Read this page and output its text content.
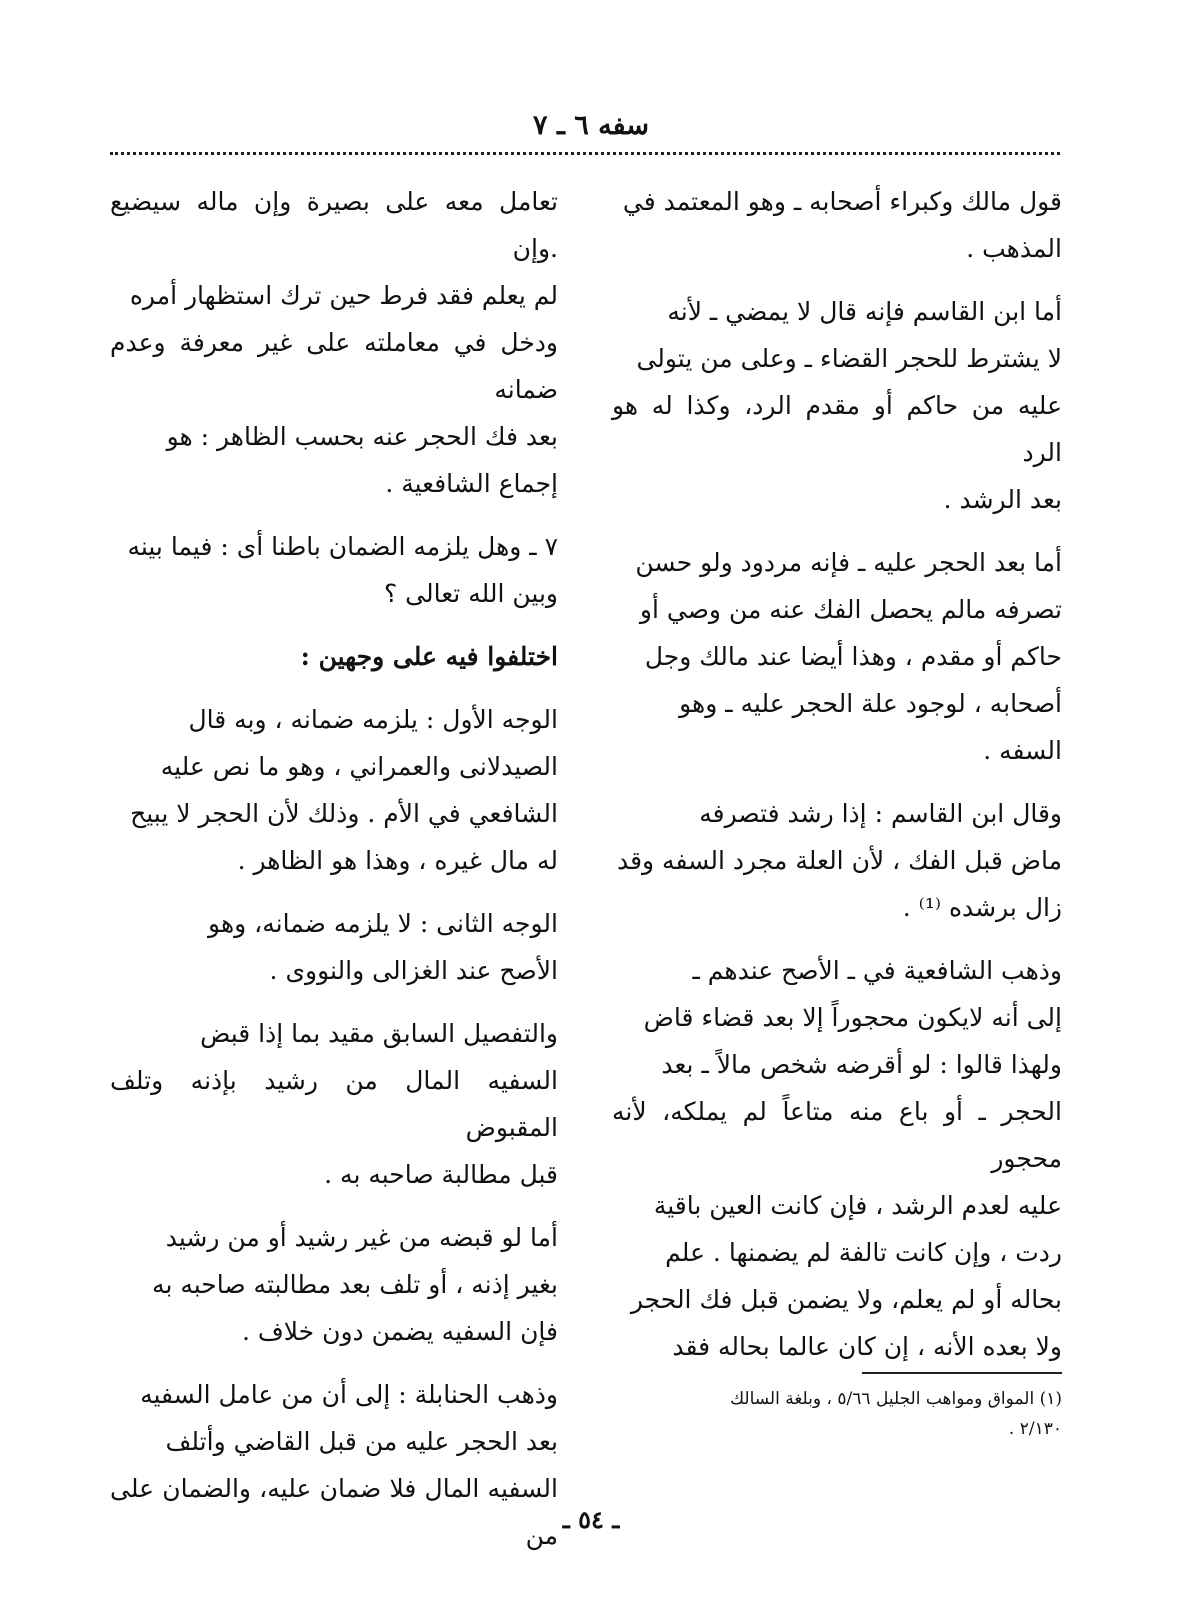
سفه ٦ ـ ٧

قول مالك وكبراء أصحابه ـ وهو المعتمد في
المذهب .

أما ابن القاسم فإنه قال لا يمضي ـ لأنه
لا يشترط للحجر القضاء ـ وعلى من يتولى
عليه من حاكم أو مقدم الرد، وكذا له هو الرد
بعد الرشد .

أما بعد الحجر عليه ـ فإنه مردود ولو حسن
تصرفه مالم يحصل الفك عنه من وصي أو
حاكم أو مقدم ، وهذا أيضا عند مالك وجل
أصحابه ، لوجود علة الحجر عليه ـ وهو
السفه .

وقال ابن القاسم : إذا رشد فتصرفه
ماض قبل الفك ، لأن العلة مجرد السفه وقد
زال برشده ⁽¹⁾ .

وذهب الشافعية في ـ الأصح عندهم ـ
إلى أنه لايكون محجوراً إلا بعد قضاء قاض
ولهذا قالوا : لو أقرضه شخص مالاً ـ بعد
الحجر ـ أو باع منه متاعاً لم يملكه، لأنه محجور
عليه لعدم الرشد ، فإن كانت العين باقية
ردت ، وإن كانت تالفة لم يضمنها . علم
بحاله أو لم يعلم، ولا يضمن قبل فك الحجر
ولا بعده الأنه ، إن كان عالما بحاله فقد

تعامل معه على بصيرة وإن ماله سيضيع .وإن
لم يعلم فقد فرط حين ترك استظهار أمره
ودخل في معاملته على غير معرفة وعدم ضمانه
بعد فك الحجر عنه بحسب الظاهر : هو
إجماع الشافعية .

٧ ـ وهل يلزمه الضمان باطنا أى : فيما بينه
وبين الله تعالى ؟

اختلفوا فيه على وجهين :

الوجه الأول : يلزمه ضمانه ، وبه قال
الصيدلانى والعمراني ، وهو ما نص عليه
الشافعي في الأم . وذلك لأن الحجر لا يبيح
له مال غيره ، وهذا هو الظاهر .

الوجه الثانى : لا يلزمه ضمانه، وهو
الأصح عند الغزالى والنووى .

والتفصيل السابق مقيد بما إذا قبض
السفيه المال من رشيد بإذنه وتلف المقبوض
قبل مطالبة صاحبه به .

أما لو قبضه من غير رشيد أو من رشيد
بغير إذنه ، أو تلف بعد مطالبته صاحبه به
فإن السفيه يضمن دون خلاف .

وذهب الحنابلة : إلى أن من عامل السفيه
بعد الحجر عليه من قبل القاضي وأتلف
السفيه المال فلا ضمان عليه، والضمان على من

(١) المواق ومواهب الجليل ٥/٦٦ ، وبلغة السالك
٢/١٣٠ .
ـ ٥٤ ـ
